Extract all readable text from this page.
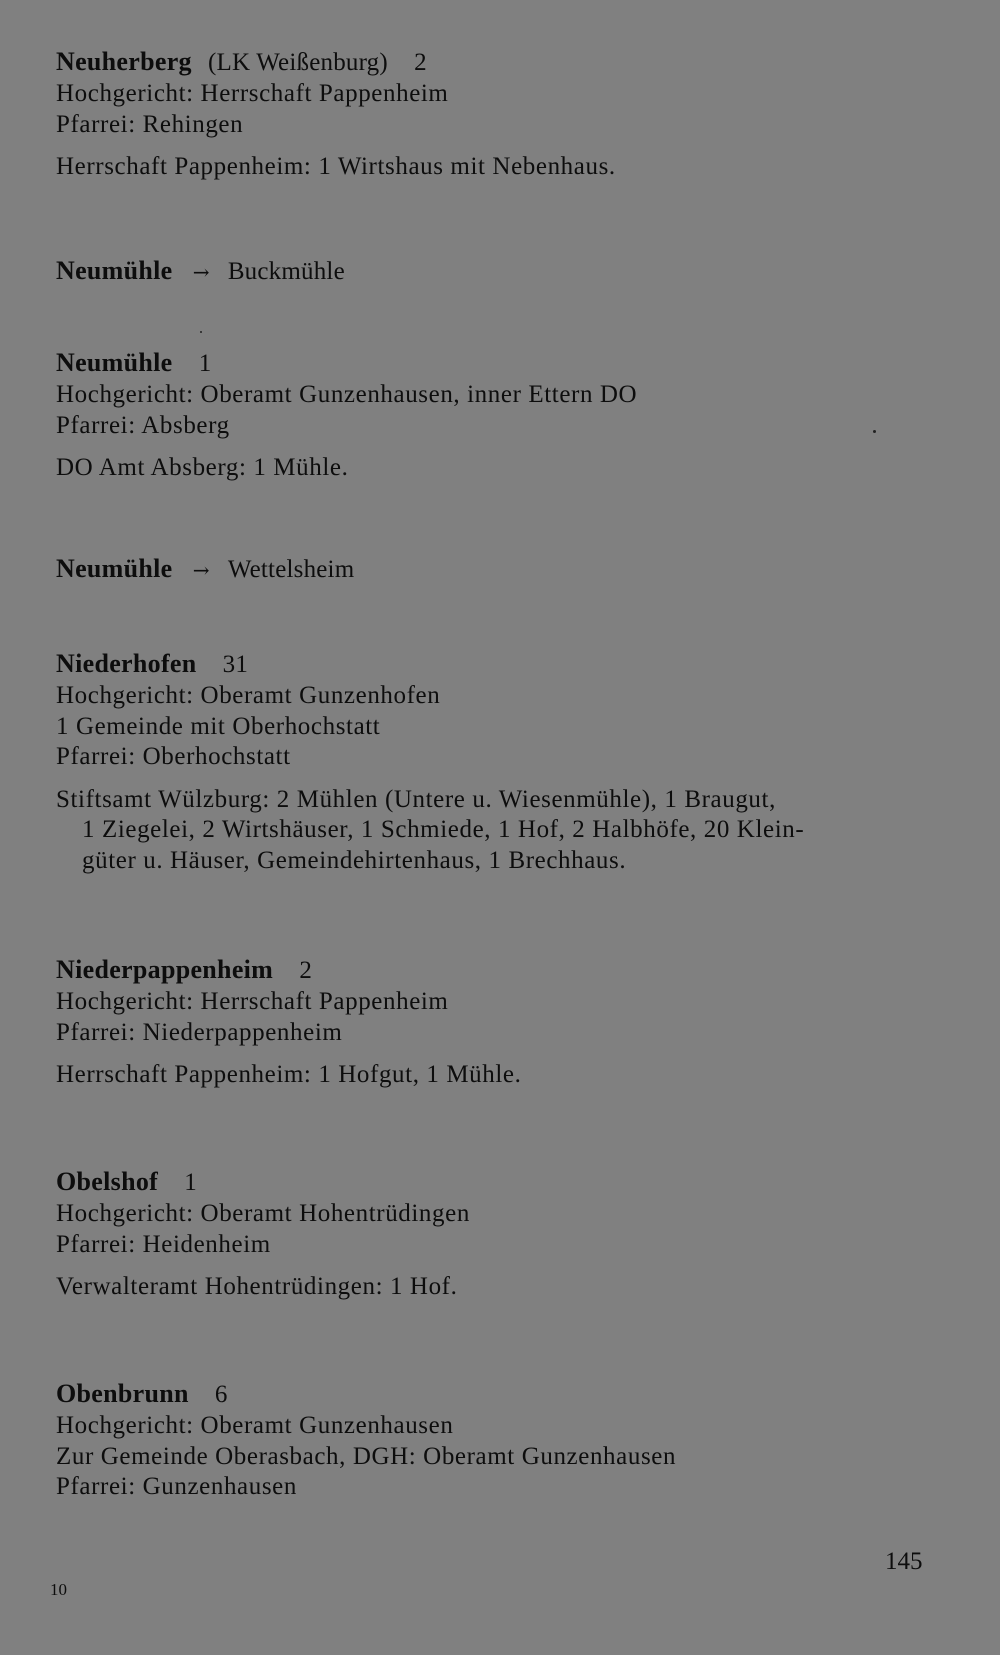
Neuherberg (LK Weißenburg) 2
Hochgericht: Herrschaft Pappenheim
Pfarrei: Rehingen
Herrschaft Pappenheim: 1 Wirtshaus mit Nebenhaus.
Neumühle → Buckmühle
Neumühle 1
Hochgericht: Oberamt Gunzenhausen, inner Ettern DO
Pfarrei: Absberg
DO Amt Absberg: 1 Mühle.
Neumühle → Wettelsheim
Niederhofen 31
Hochgericht: Oberamt Gunzenhofen
1 Gemeinde mit Oberhochstatt
Pfarrei: Oberhochstatt
Stiftsamt Wülzburg: 2 Mühlen (Untere u. Wiesenmühle), 1 Braugut,
1 Ziegelei, 2 Wirtshäuser, 1 Schmiede, 1 Hof, 2 Halbhöfe, 20 Klein-
güter u. Häuser, Gemeindehirtenhaus, 1 Brechhaus.
Niederpappenheim 2
Hochgericht: Herrschaft Pappenheim
Pfarrei: Niederpappenheim
Herrschaft Pappenheim: 1 Hofgut, 1 Mühle.
Obelshof 1
Hochgericht: Oberamt Hohentrüdingen
Pfarrei: Heidenheim
Verwalteramt Hohentrüdingen: 1 Hof.
Obenbrunn 6
Hochgericht: Oberamt Gunzenhausen
Zur Gemeinde Oberasbach, DGH: Oberamt Gunzenhausen
Pfarrei: Gunzenhausen
145
10
